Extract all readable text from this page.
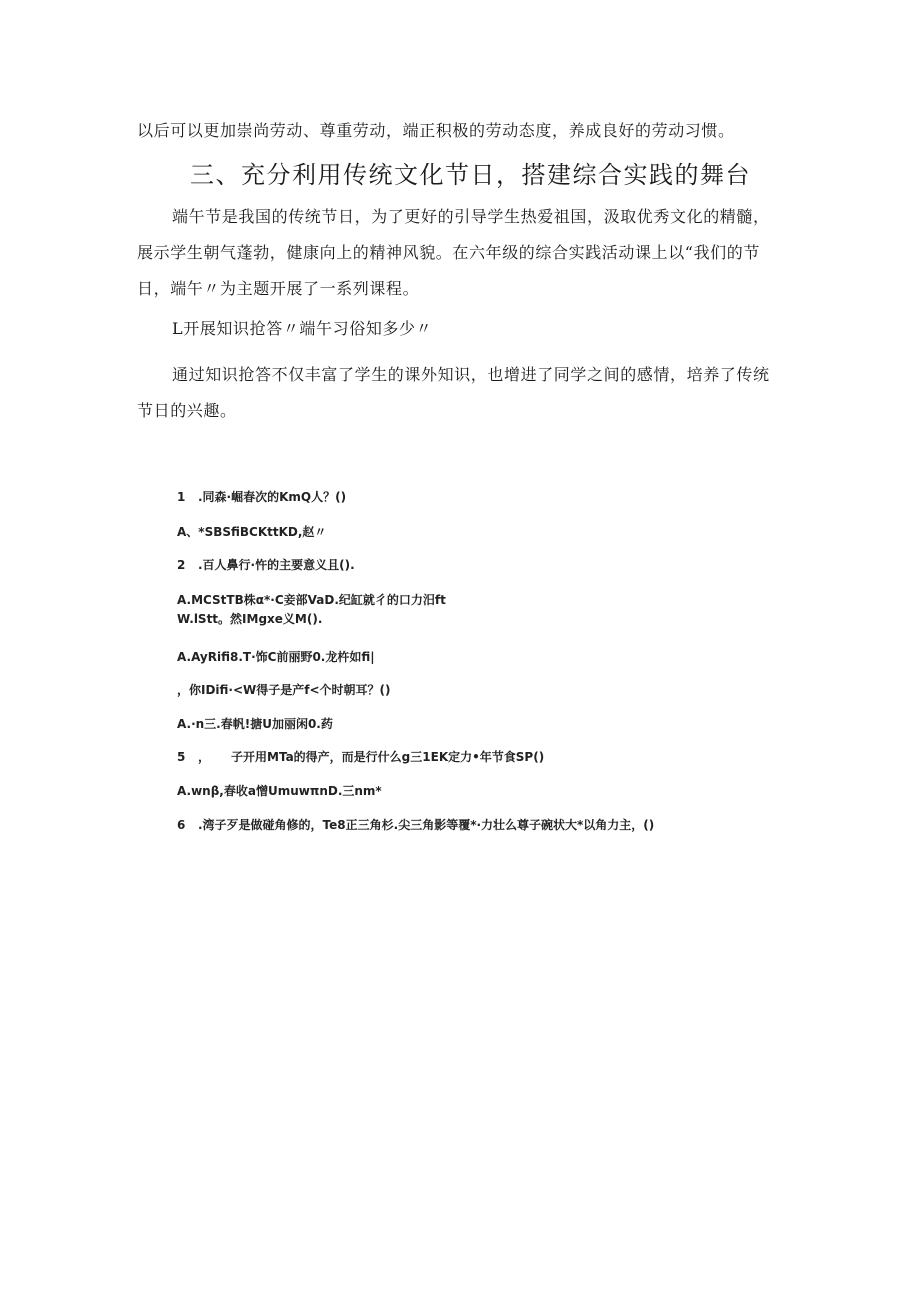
以后可以更加崇尚劳动、尊重劳动，端正积极的劳动态度，养成良好的劳动习惯。
三、充分利用传统文化节日，搭建综合实践的舞台
端午节是我国的传统节日，为了更好的引导学生热爱祖国，汲取优秀文化的精髓，
展示学生朝气蓬勃，健康向上的精神风貌。在六年级的综合实践活动课上以“我们的节
日，端午〃为主题开展了一系列课程。
L开展知识抢答〃端午习俗知多少〃
通过知识抢答不仅丰富了学生的课外知识，也增进了同学之间的感情，培养了传统
节日的兴趣。
1 .同森·崛春次的KmQ人？()
A、*SBSfiBCKttKD,赵〃
2 .百人鼻行·忤的主要意义且().
A.MCStTB株α*·C妾部VaD.纪缸就彳的口力汨ft
W.lStt。然IMgxe义M().
A.AyRifi8.T·饰C前丽野0.龙杵如fi|
，你IDifi·<W得子是产f<个时朝耳？()
A.·n三.春帆!搪U加丽闲0.药
5 ， 子开用MTa的得产，而是行什么g三1EK定力•年节食SP()
A.wnβ,春收a憎UmuwπnD.三nm*
6 .湾子歹是做碰角修的，Te8正三角杉.尖三角影等覆*·力壮么尊子碗状大*以角力主，()
